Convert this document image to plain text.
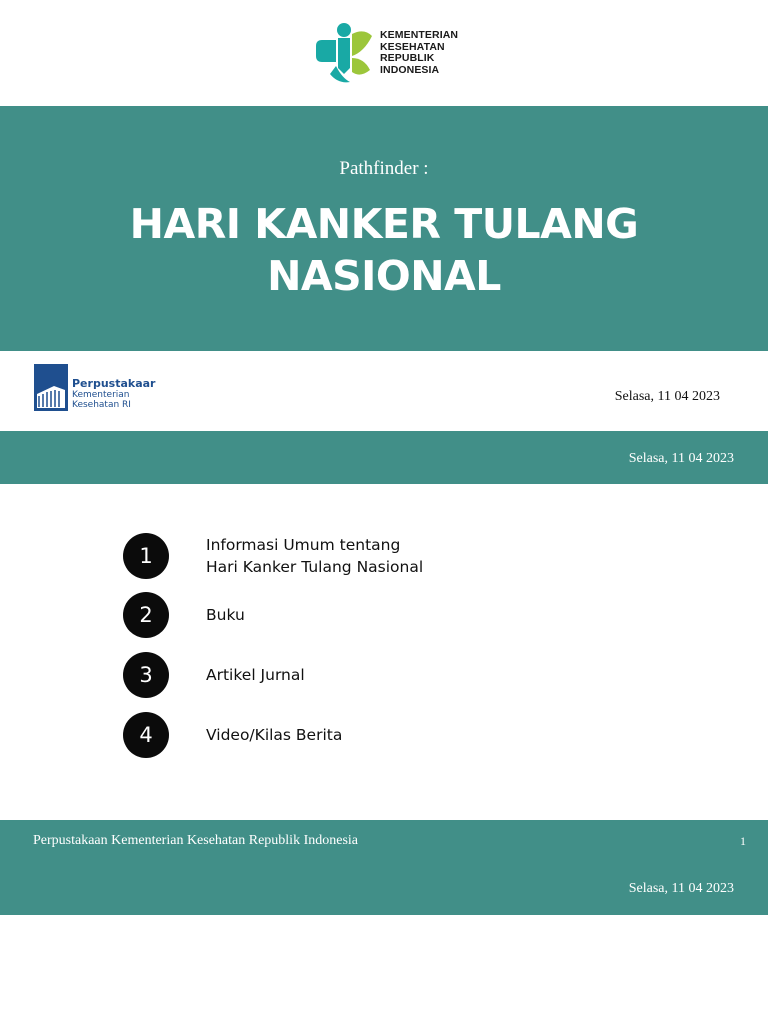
KEMENTERIAN
KESEHATAN
REPUBLIK
INDONESIA
Pathfinder :
HARI KANKER TULANG
NASIONAL
Perpustakaar
Kementerian
Kesehatan RI
Selasa, 11 04 2023
Selasa, 11 04 2023
1	Informasi Umum tentang
Hari Kanker Tulang Nasional
2	Buku
3	Artikel Jurnal
4	Video/Kilas Berita
Perpustakaan Kementerian Kesehatan Republik Indonesia	1
Selasa, 11 04 2023
